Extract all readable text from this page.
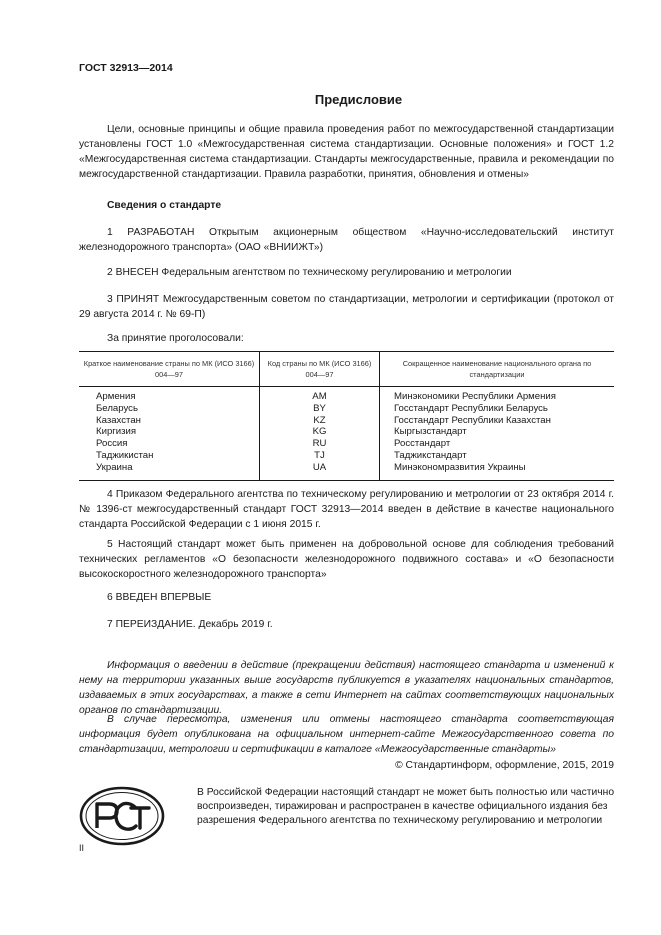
ГОСТ 32913—2014
Предисловие
Цели, основные принципы и общие правила проведения работ по межгосударственной стандартизации установлены ГОСТ 1.0 «Межгосударственная система стандартизации. Основные положения» и ГОСТ 1.2 «Межгосударственная система стандартизации. Стандарты межгосударственные, правила и рекомендации по межгосударственной стандартизации. Правила разработки, принятия, обновления и отмены»
Сведения о стандарте
1 РАЗРАБОТАН Открытым акционерным обществом «Научно-исследовательский институт железнодорожного транспорта» (ОАО «ВНИИЖТ»)
2 ВНЕСЕН Федеральным агентством по техническому регулированию и метрологии
3 ПРИНЯТ Межгосударственным советом по стандартизации, метрологии и сертификации (протокол от 29 августа 2014 г. № 69-П)
За принятие проголосовали:
Краткое наименование страны по МК (ИСО 3166) 004—97	Код страны по МК (ИСО 3166) 004—97	Сокращенное наименование национального органа по стандартизации
Армения	AM	Минэкономики Республики Армения
Беларусь	BY	Госстандарт Республики Беларусь
Казахстан	KZ	Госстандарт Республики Казахстан
Киргизия	KG	Кыргызстандарт
Россия	RU	Росстандарт
Таджикистан	TJ	Таджикстандарт
Украина	UA	Минэкономразвития Украины
4 Приказом Федерального агентства по техническому регулированию и метрологии от 23 октября 2014 г. № 1396-ст межгосударственный стандарт ГОСТ 32913—2014 введен в действие в качестве национального стандарта Российской Федерации с 1 июня 2015 г.
5 Настоящий стандарт может быть применен на добровольной основе для соблюдения требований технических регламентов «О безопасности железнодорожного подвижного состава» и «О безопасности высокоскоростного железнодорожного транспорта»
6 ВВЕДЕН ВПЕРВЫЕ
7 ПЕРЕИЗДАНИЕ. Декабрь 2019 г.
Информация о введении в действие (прекращении действия) настоящего стандарта и изменений к нему на территории указанных выше государств публикуется в указателях национальных стандартов, издаваемых в этих государствах, а также в сети Интернет на сайтах соответствующих национальных органов по стандартизации.
В случае пересмотра, изменения или отмены настоящего стандарта соответствующая информация будет опубликована на официальном интернет-сайте Межгосударственного совета по стандартизации, метрологии и сертификации в каталоге «Межгосударственные стандарты»
© Стандартинформ, оформление, 2015, 2019
В Российской Федерации настоящий стандарт не может быть полностью или частично воспроизведен, тиражирован и распространен в качестве официального издания без разрешения Федерального агентства по техническому регулированию и метрологии
II
